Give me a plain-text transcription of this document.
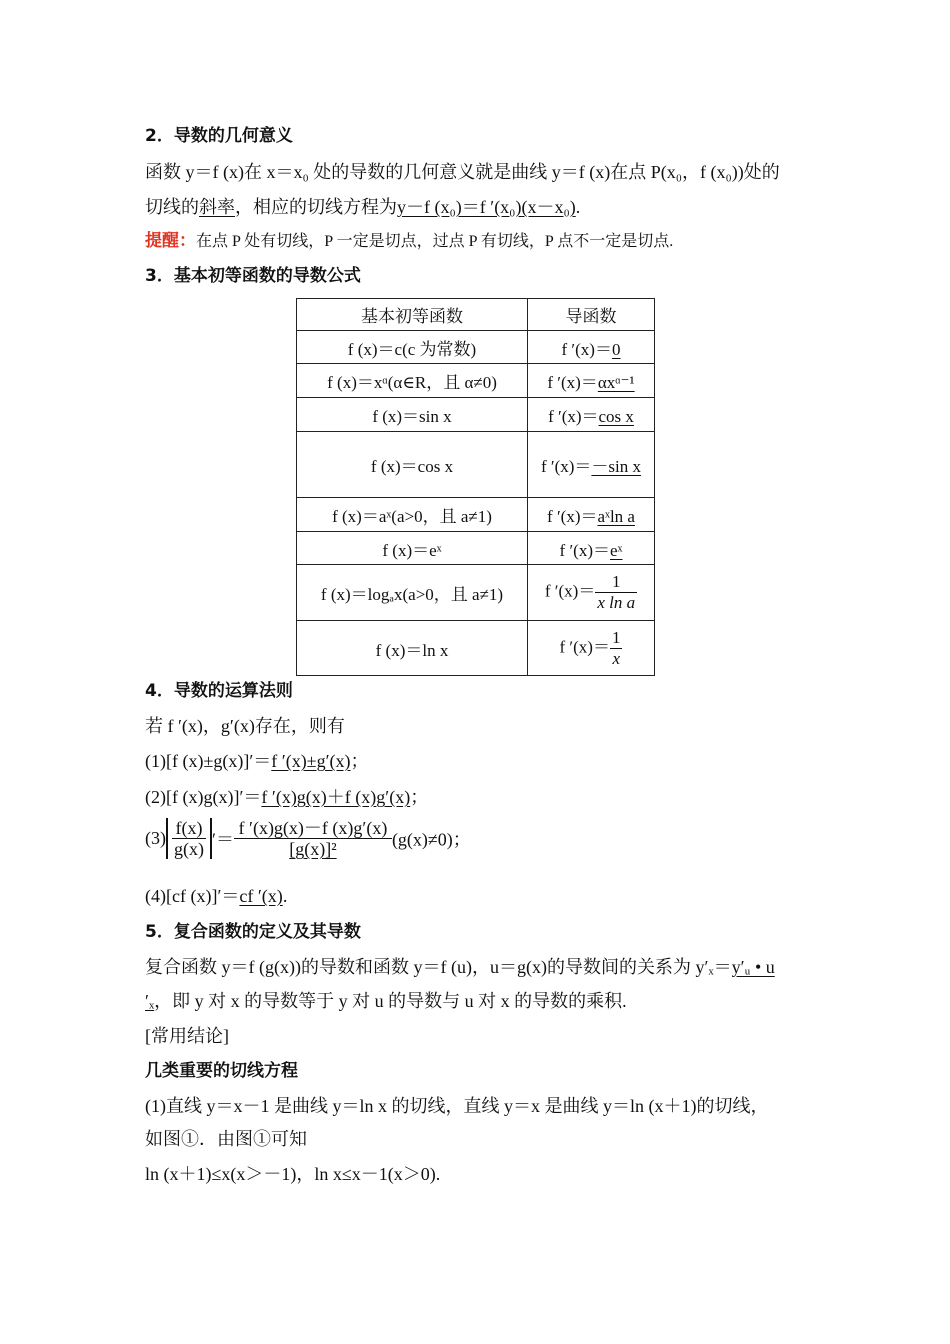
2．导数的几何意义
函数 y＝f (x)在 x＝x₀ 处的导数的几何意义就是曲线 y＝f (x)在点 P(x₀，f (x₀))处的
切线的斜率，相应的切线方程为y－f (x₀)＝f ′(x₀)(x－x₀).
提醒：在点 P 处有切线，P 一定是切点，过点 P 有切线，P 点不一定是切点.
3．基本初等函数的导数公式
基本初等函数	导函数
f (x)＝c(c 为常数)	f ′(x)＝0
f (x)＝xᵅ(α∈R，且 α≠0)	f ′(x)＝αxᵅ⁻¹
f (x)＝sin x	f ′(x)＝cos x
f (x)＝cos x	f ′(x)＝－sin x
f (x)＝aˣ(a>0，且 a≠1)	f ′(x)＝aˣln a
f (x)＝eˣ	f ′(x)＝eˣ
f (x)＝logₐx(a>0，且 a≠1)	f $'(x)= \frac{1}{\text{x ln a}}$

f (x)＝ln x	f $'(x)= \frac{1}{x}$
4．导数的运算法则
若 f ′(x)，g′(x)存在，则有
(1)[f (x)±g(x)]′＝f ′(x)±g′(x)；
(2)[f (x)g(x)]′＝f ′(x)g(x)＋f (x)g′(x)；
$(3) \frac{f(x)}{g(x)}$ ′＝ $\frac{f '(x)g(x)-f (x)g'(x)}{\text{[g(x)]²}} (g(x)\ne 0)$；
(4)[cf (x)]′＝cf ′(x).
5．复合函数的定义及其导数
复合函数 y＝f (g(x))的导数和函数 y＝f (u)，u＝g(x)的导数间的关系为 y′ₓ＝y′ᵤ • u
′ₓ，即 y 对 x 的导数等于 y 对 u 的导数与 u 对 x 的导数的乘积.
[常用结论]
几类重要的切线方程
(1)直线 y＝x－1 是曲线 y＝ln x 的切线，直线 y＝x 是曲线 y＝ln (x＋1)的切线，
如图①．由图①可知
ln (x＋1)≤x(x＞－1)，ln x≤x－1(x＞0).
